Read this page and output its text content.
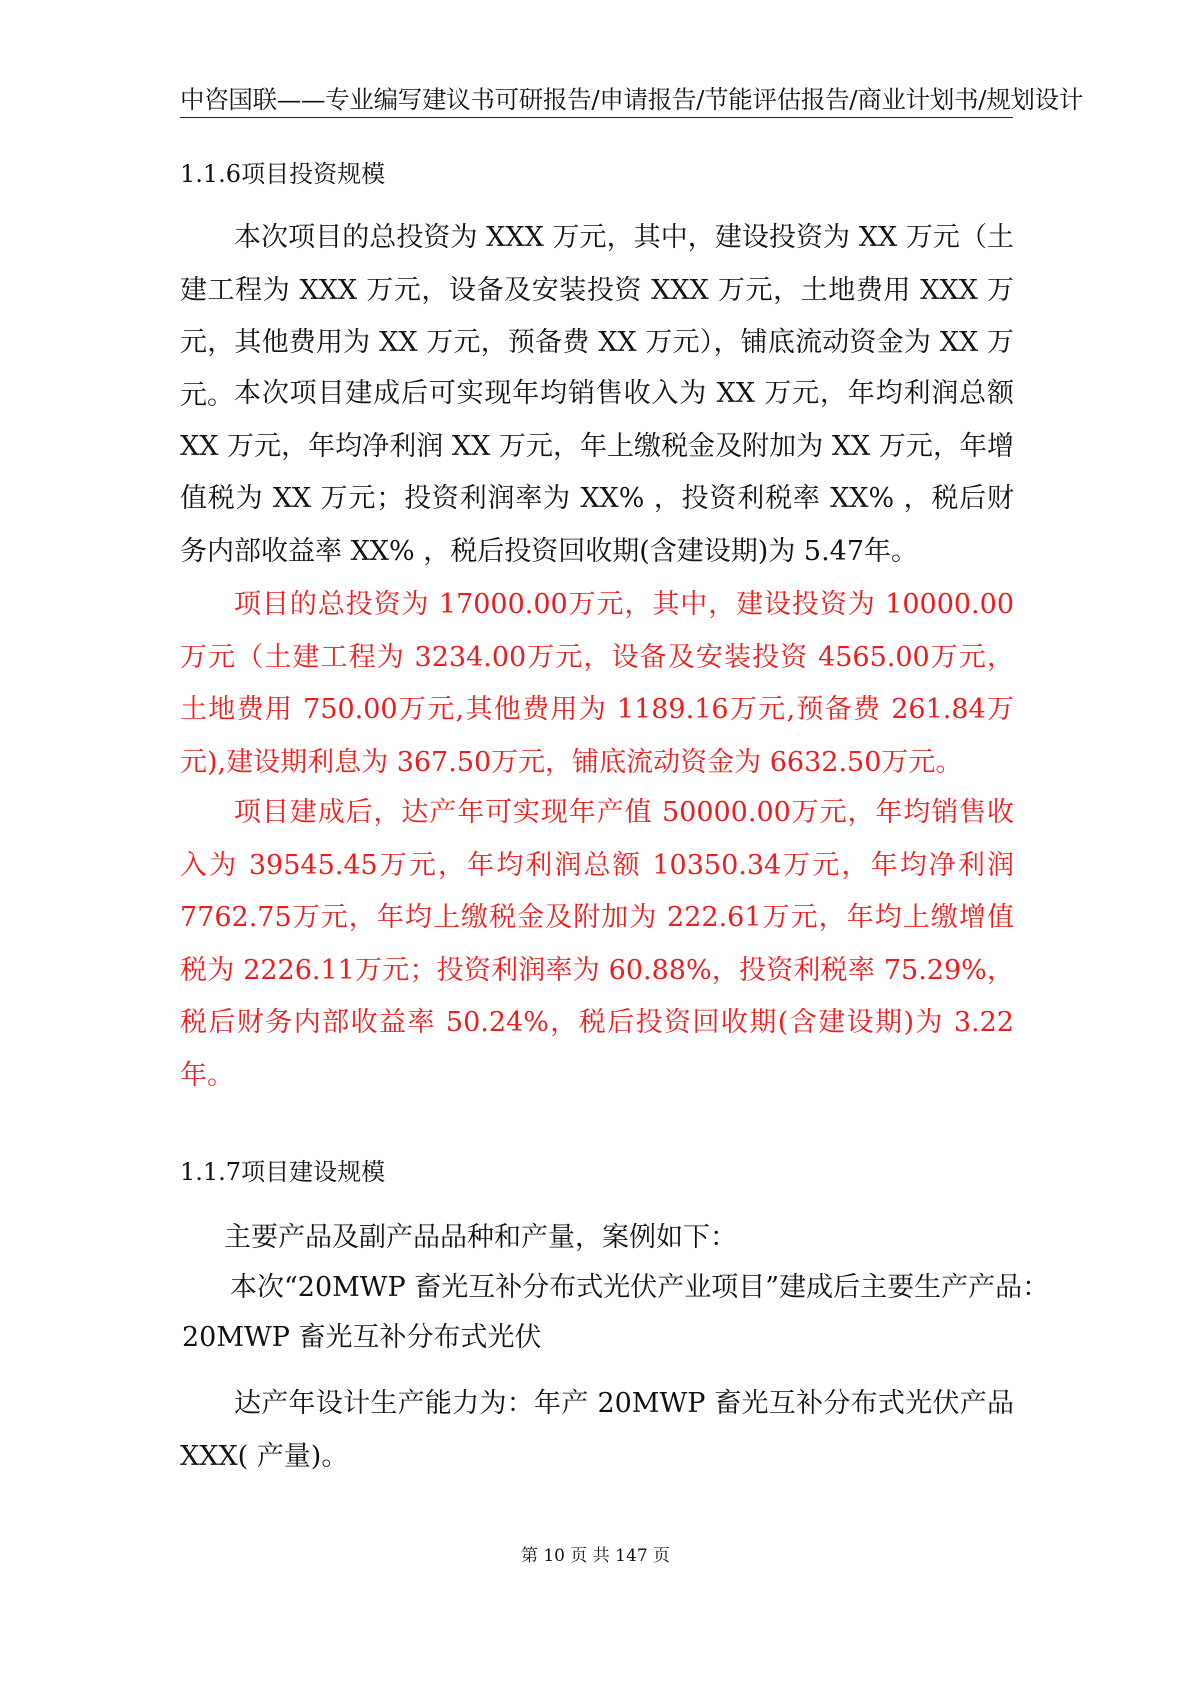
中咨国联——专业编写建议书可研报告/申请报告/节能评估报告/商业计划书/规划设计
1.1.6项目投资规模

本次项目的总投资为 XXX 万元，其中，建设投资为 XX 万元（土建工程为 XXX 万元，设备及安装投资 XXX 万元，土地费用 XXX 万元，其他费用为 XX 万元，预备费 XX 万元），铺底流动资金为 XX 万元。 本次项目建成后可实现年均销售收入为 XX 万元，年均利润总额 XX 万元，年均净利润 XX 万元，年上缴税金及附加为 XX 万元，年增值税为 XX 万元；投资利润率为 XX% ，投资利税率 XX% ，税后财务内部收益率 XX% ，税后投资回收期(含建设期)为 5.47年。

项目的总投资为 17000.00万元，其中，建设投资为 10000.00万元（土建工程为 3234.00万元，设备及安装投资 4565.00万元，土地费用 750.00万元,其他费用为 1189.16万元,预备费 261.84万元),建设期利息为 367.50万元，铺底流动资金为 6632.50万元。

项目建成后，达产年可实现年产值 50000.00万元，年均销售收入为 39545.45万元，年均利润总额 10350.34万元，年均净利润 7762.75万元，年均上缴税金及附加为 222.61万元，年均上缴增值税为 2226.11万元；投资利润率为 60.88%，投资利税率 75.29%，税后财务内部收益率 50.24%，税后投资回收期(含建设期)为 3.22年。

1.1.7项目建设规模

主要产品及副产品品种和产量，案例如下：

本次“20MWP 畜光互补分布式光伏产业项目”建成后主要生产产品：

20MWP 畜光互补分布式光伏

达产年设计生产能力为：年产 20MWP 畜光互补分布式光伏产品 XXX( 产量)。

第 10 页 共 147 页
